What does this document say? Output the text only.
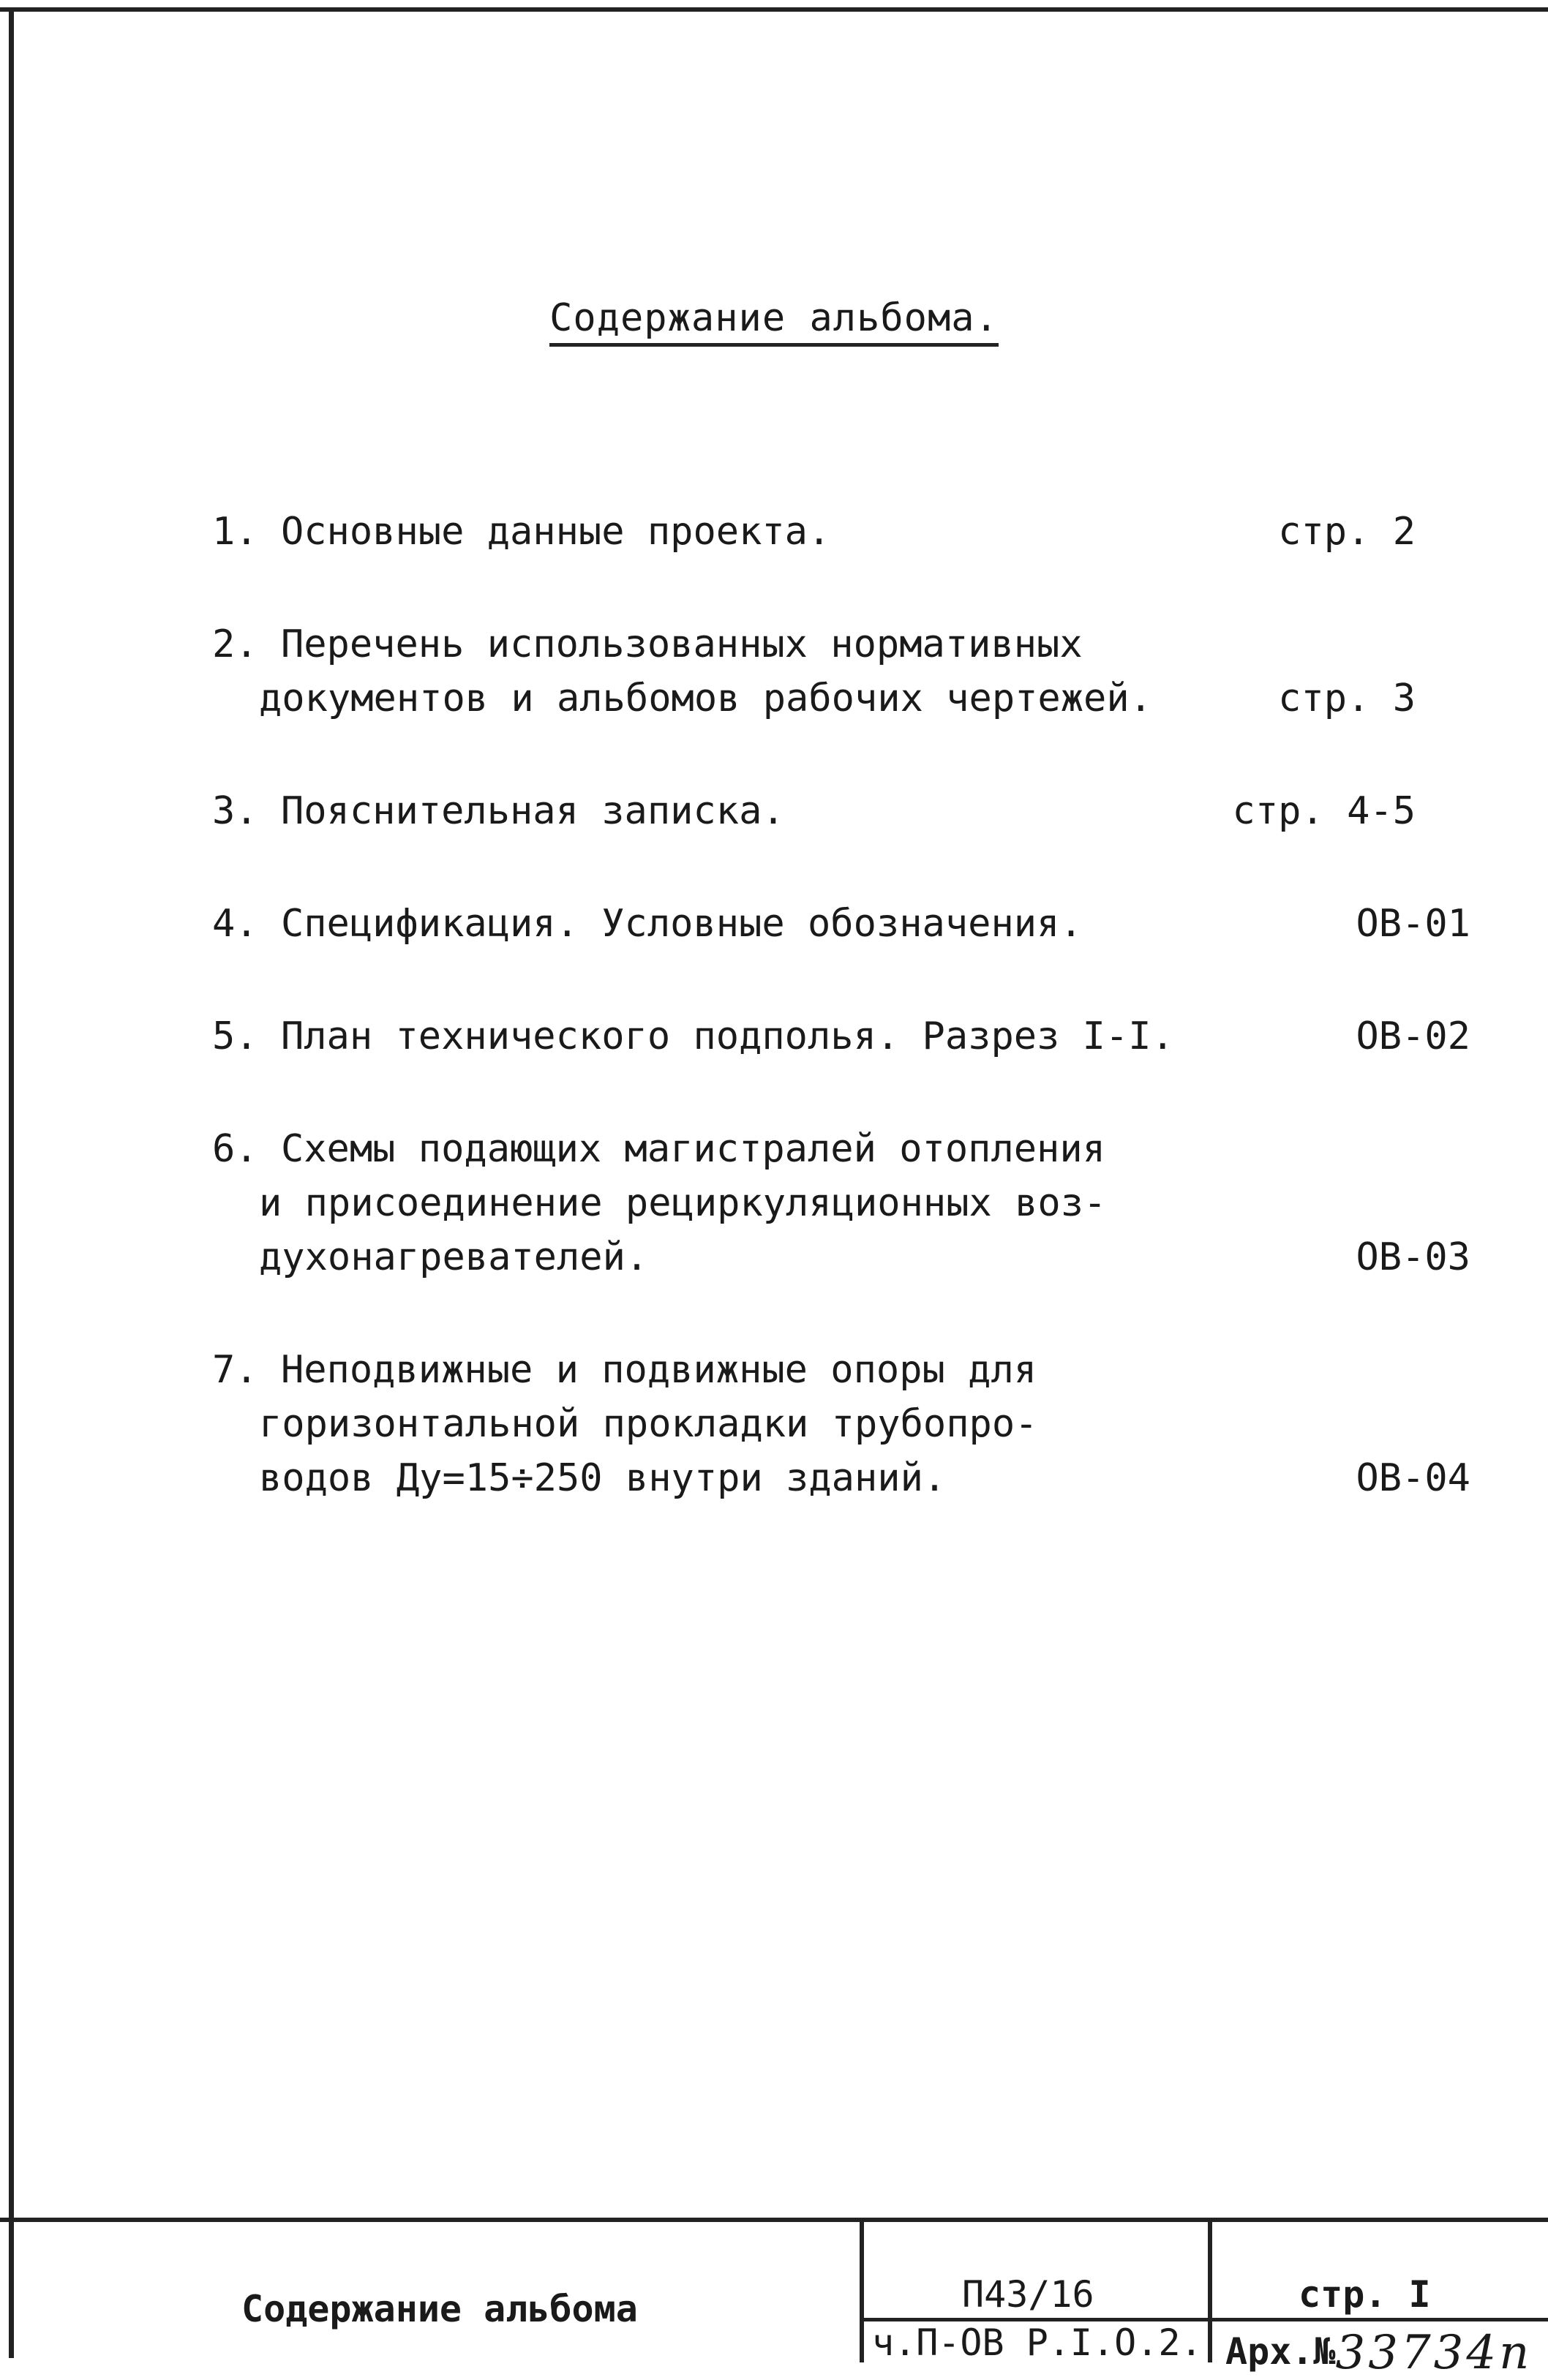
Содержание альбома.
1. Основные данные проекта.	стр. 2
2. Перечень использованных нормативных
документов и альбомов рабочих чертежей.	стр. 3
3. Пояснительная записка.	стр. 4-5
4. Спецификация. Условные обозначения.	ОВ-01
5. План технического подполья. Разрез I-I.	ОВ-02
6. Схемы подающих магистралей отопления
и присоединение рециркуляционных воз-
духонагревателей.	ОВ-03
7. Неподвижные и подвижные опоры для
горизонтальной прокладки трубопро-
водов Ду=15÷250 внутри зданий.	ОВ-04
Содержание альбома	П43/16	стр. I
ч.П-ОВ Р.I.О.2. Арх.№33734п
